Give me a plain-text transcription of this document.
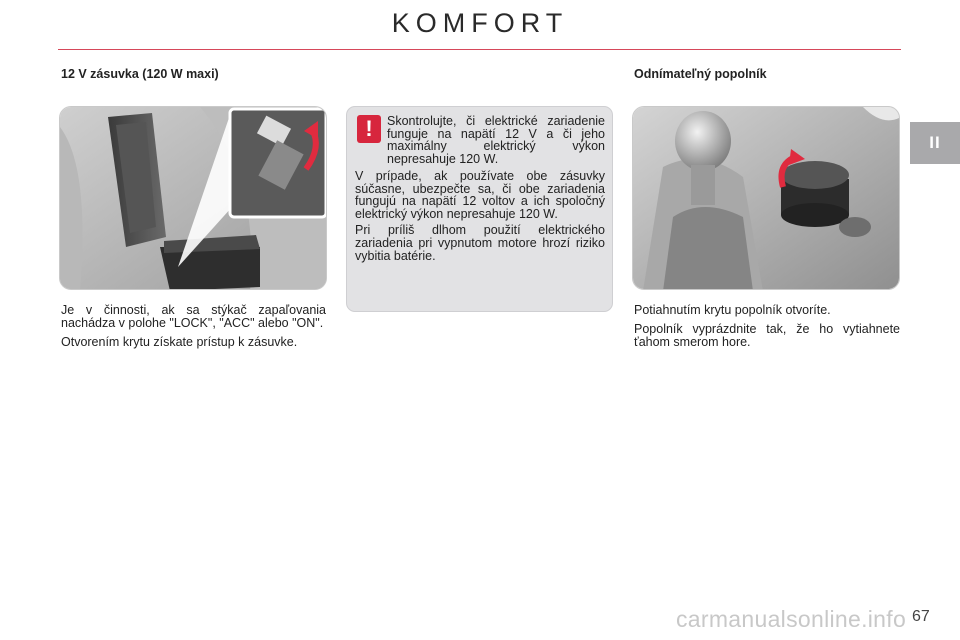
KOMFORT
II
12 V zásuvka (120 W maxi)

Je v činnosti, ak sa stýkač zapaľovania nachádza v polohe "LOCK", "ACC" alebo "ON".

Otvorením krytu získate prístup k zásuvke.

!	Skontrolujte, či elektrické zariadenie funguje na napätí 12 V a či jeho maximálny elektrický výkon nepresahuje 120 W.

V prípade, ak používate obe zásuvky súčasne, ubezpečte sa, či obe zariadenia fungujú na napätí 12 voltov a ich spoločný elektrický výkon nepresahuje 120 W.

Pri príliš dlhom použití elektrického zariadenia pri vypnutom motore hrozí riziko vybitia batérie.

Odnímateľný popolník

Potiahnutím krytu popolník otvoríte.

Popolník vyprázdnite tak, že ho vytiahnete ťahom smerom hore.

carmanualsonline.info 67
